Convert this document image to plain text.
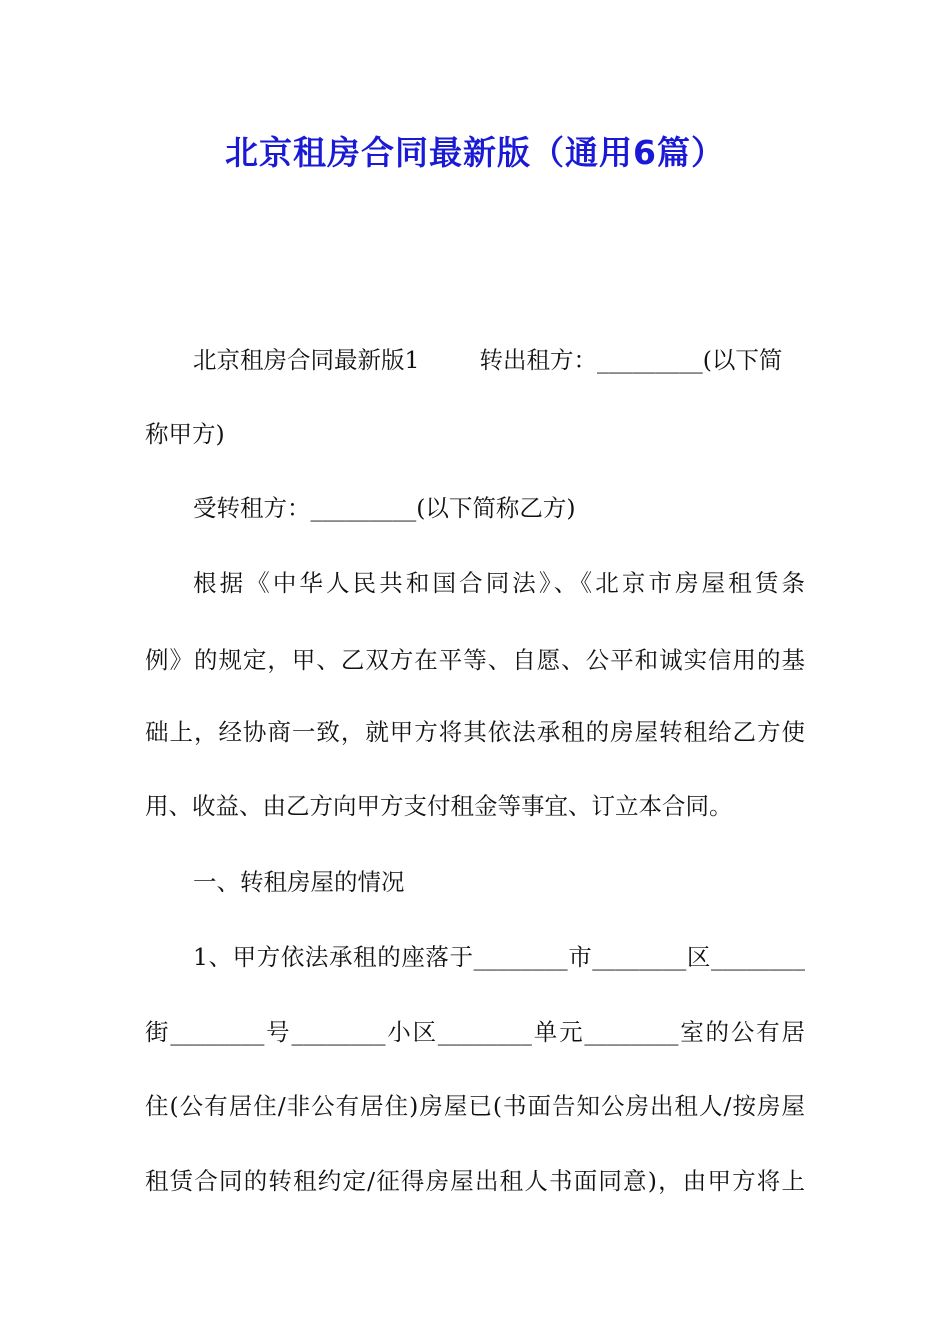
北京租房合同最新版（通用6篇）
北京租房合同最新版1	转出租方：_________(以下简
称甲方)
受转租方：_________(以下简称乙方)
根据《中华人民共和国合同法》、《北京市房屋租赁条
例》的规定，甲、乙双方在平等、自愿、公平和诚实信用的基
础上，经协商一致，就甲方将其依法承租的房屋转租给乙方使
用、收益、由乙方向甲方支付租金等事宜、订立本合同。
一、转租房屋的情况
1、甲方依法承租的座落于________市________区________
街________号________小区________单元________室的公有居
住(公有居住/非公有居住)房屋已(书面告知公房出租人/按房屋
租赁合同的转租约定/征得房屋出租人书面同意)，由甲方将上
